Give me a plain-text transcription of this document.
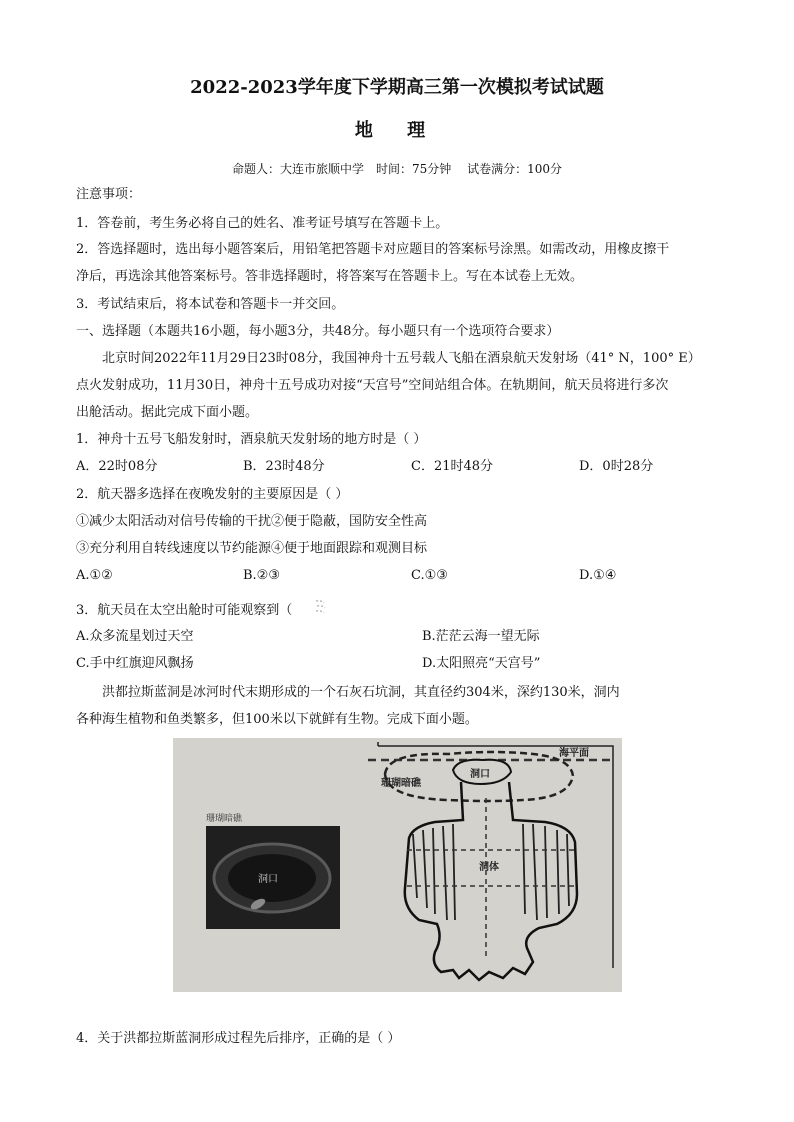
2022-2023学年度下学期高三第一次模拟考试试题
地 理
命题人：大连市旅顺中学　时间：75分钟　 试卷满分：100分
注意事项：
1．答卷前，考生务必将自己的姓名、准考证号填写在答题卡上。
2．答选择题时，选出每小题答案后，用铅笔把答题卡对应题目的答案标号涂黑。如需改动，用橡皮擦干
净后，再选涂其他答案标号。答非选择题时，将答案写在答题卡上。写在本试卷上无效。
3．考试结束后，将本试卷和答题卡一并交回。
一、选择题（本题共16小题，每小题3分，共48分。每小题只有一个选项符合要求）
北京时间2022年11月29日23时08分，我国神舟十五号载人飞船在酒泉航天发射场（41° N，100° E）
点火发射成功，11月30日，神舟十五号成功对接“天宫号”空间站组合体。在轨期间，航天员将进行多次
出舱活动。据此完成下面小题。
1．神舟十五号飞船发射时，酒泉航天发射场的地方时是（ ）
A．22时08分	B．23时48分	C．21时48分	D．0时28分
2．航天器多选择在夜晚发射的主要原因是（ ）
①减少太阳活动对信号传输的干扰②便于隐蔽，国防安全性高
③充分利用自转线速度以节约能源④便于地面跟踪和观测目标
A.①②	B.②③	C.①③	D.①④
3．航天员在太空出舱时可能观察到（
A.众多流星划过天空	B.茫茫云海一望无际
C.手中红旗迎风飘扬	D.太阳照亮“天宫号”
洪都拉斯蓝洞是冰河时代末期形成的一个石灰石坑洞，其直径约304米，深约130米，洞内
各种海生植物和鱼类繁多，但100米以下就鲜有生物。完成下面小题。
珊瑚暗礁
洞口
珊瑚暗礁
洞口
海平面
洞体
4．关于洪都拉斯蓝洞形成过程先后排序，正确的是（ ）
